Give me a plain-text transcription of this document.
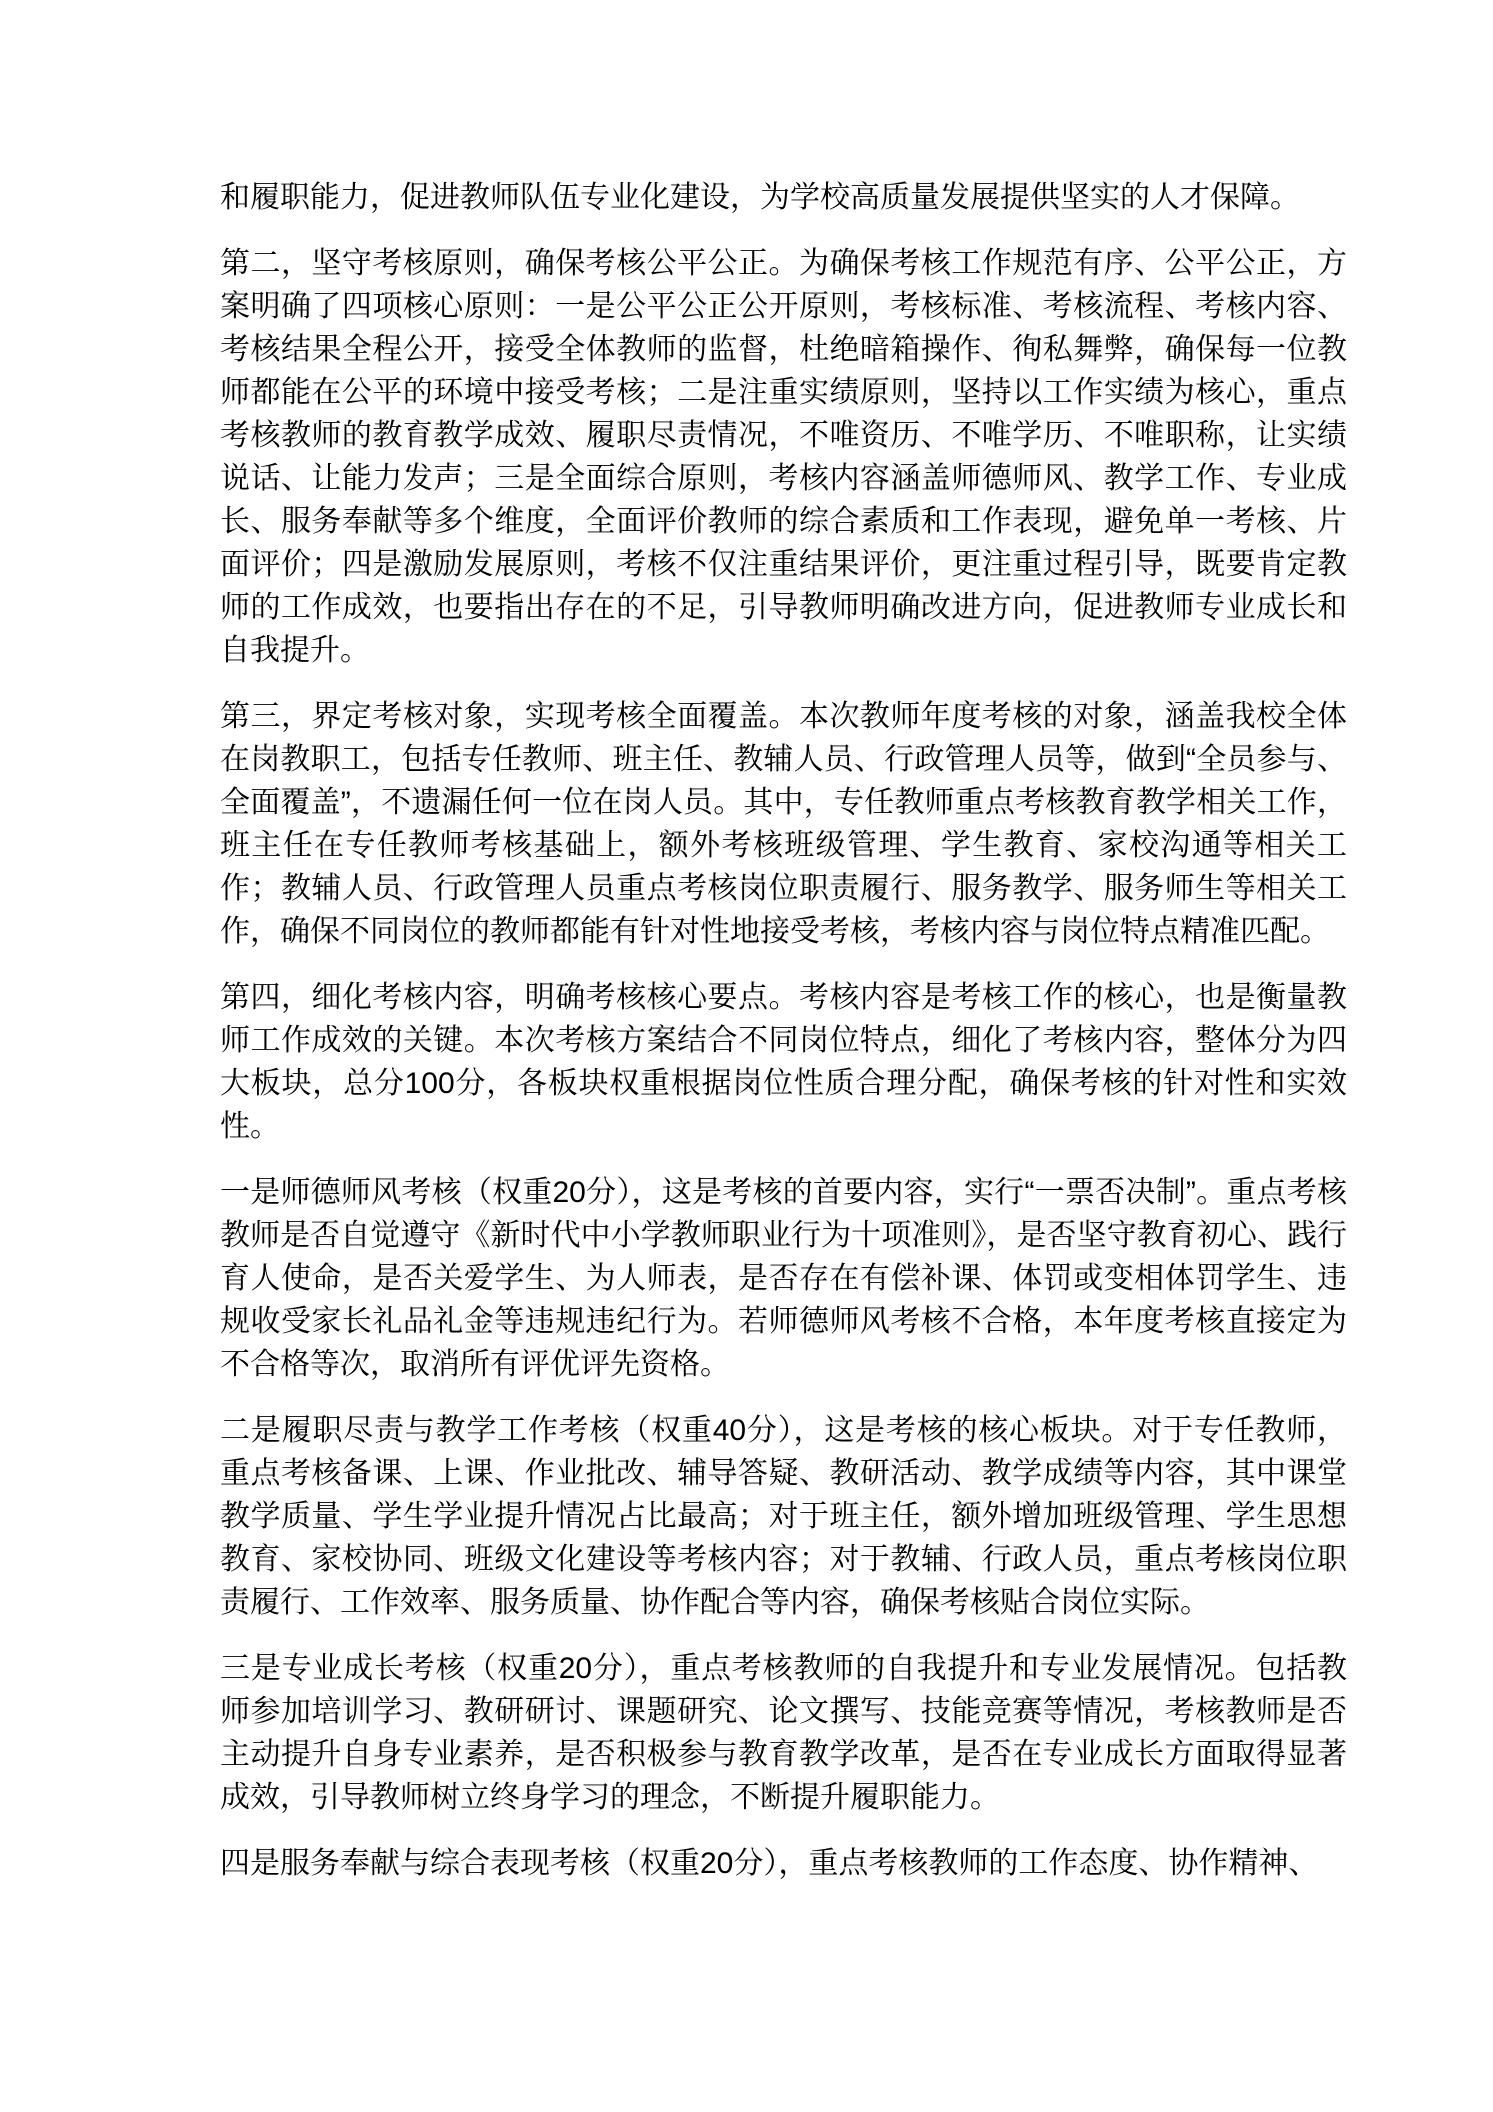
和履职能力，促进教师队伍专业化建设，为学校高质量发展提供坚实的人才保障。

第二，坚守考核原则，确保考核公平公正。为确保考核工作规范有序、公平公正，方案明确了四项核心原则：一是公平公正公开原则，考核标准、考核流程、考核内容、考核结果全程公开，接受全体教师的监督，杜绝暗箱操作、徇私舞弊，确保每一位教师都能在公平的环境中接受考核；二是注重实绩原则，坚持以工作实绩为核心，重点考核教师的教育教学成效、履职尽责情况，不唯资历、不唯学历、不唯职称，让实绩说话、让能力发声；三是全面综合原则，考核内容涵盖师德师风、教学工作、专业成长、服务奉献等多个维度，全面评价教师的综合素质和工作表现，避免单一考核、片面评价；四是激励发展原则，考核不仅注重结果评价，更注重过程引导，既要肯定教师的工作成效，也要指出存在的不足，引导教师明确改进方向，促进教师专业成长和自我提升。

第三，界定考核对象，实现考核全面覆盖。本次教师年度考核的对象，涵盖我校全体在岗教职工，包括专任教师、班主任、教辅人员、行政管理人员等，做到“全员参与、全面覆盖”，不遗漏任何一位在岗人员。其中，专任教师重点考核教育教学相关工作，班主任在专任教师考核基础上，额外考核班级管理、学生教育、家校沟通等相关工作；教辅人员、行政管理人员重点考核岗位职责履行、服务教学、服务师生等相关工作，确保不同岗位的教师都能有针对性地接受考核，考核内容与岗位特点精准匹配。

第四，细化考核内容，明确考核核心要点。考核内容是考核工作的核心，也是衡量教师工作成效的关键。本次考核方案结合不同岗位特点，细化了考核内容，整体分为四大板块，总分100分，各板块权重根据岗位性质合理分配，确保考核的针对性和实效性。

一是师德师风考核（权重20分），这是考核的首要内容，实行“一票否决制”。重点考核教师是否自觉遵守《新时代中小学教师职业行为十项准则》，是否坚守教育初心、践行育人使命，是否关爱学生、为人师表，是否存在有偿补课、体罚或变相体罚学生、违规收受家长礼品礼金等违规违纪行为。若师德师风考核不合格，本年度考核直接定为不合格等次，取消所有评优评先资格。

二是履职尽责与教学工作考核（权重40分），这是考核的核心板块。对于专任教师，重点考核备课、上课、作业批改、辅导答疑、教研活动、教学成绩等内容，其中课堂教学质量、学生学业提升情况占比最高；对于班主任，额外增加班级管理、学生思想教育、家校协同、班级文化建设等考核内容；对于教辅、行政人员，重点考核岗位职责履行、工作效率、服务质量、协作配合等内容，确保考核贴合岗位实际。

三是专业成长考核（权重20分），重点考核教师的自我提升和专业发展情况。包括教师参加培训学习、教研研讨、课题研究、论文撰写、技能竞赛等情况，考核教师是否主动提升自身专业素养，是否积极参与教育教学改革，是否在专业成长方面取得显著成效，引导教师树立终身学习的理念，不断提升履职能力。

四是服务奉献与综合表现考核（权重20分），重点考核教师的工作态度、协作精神、
